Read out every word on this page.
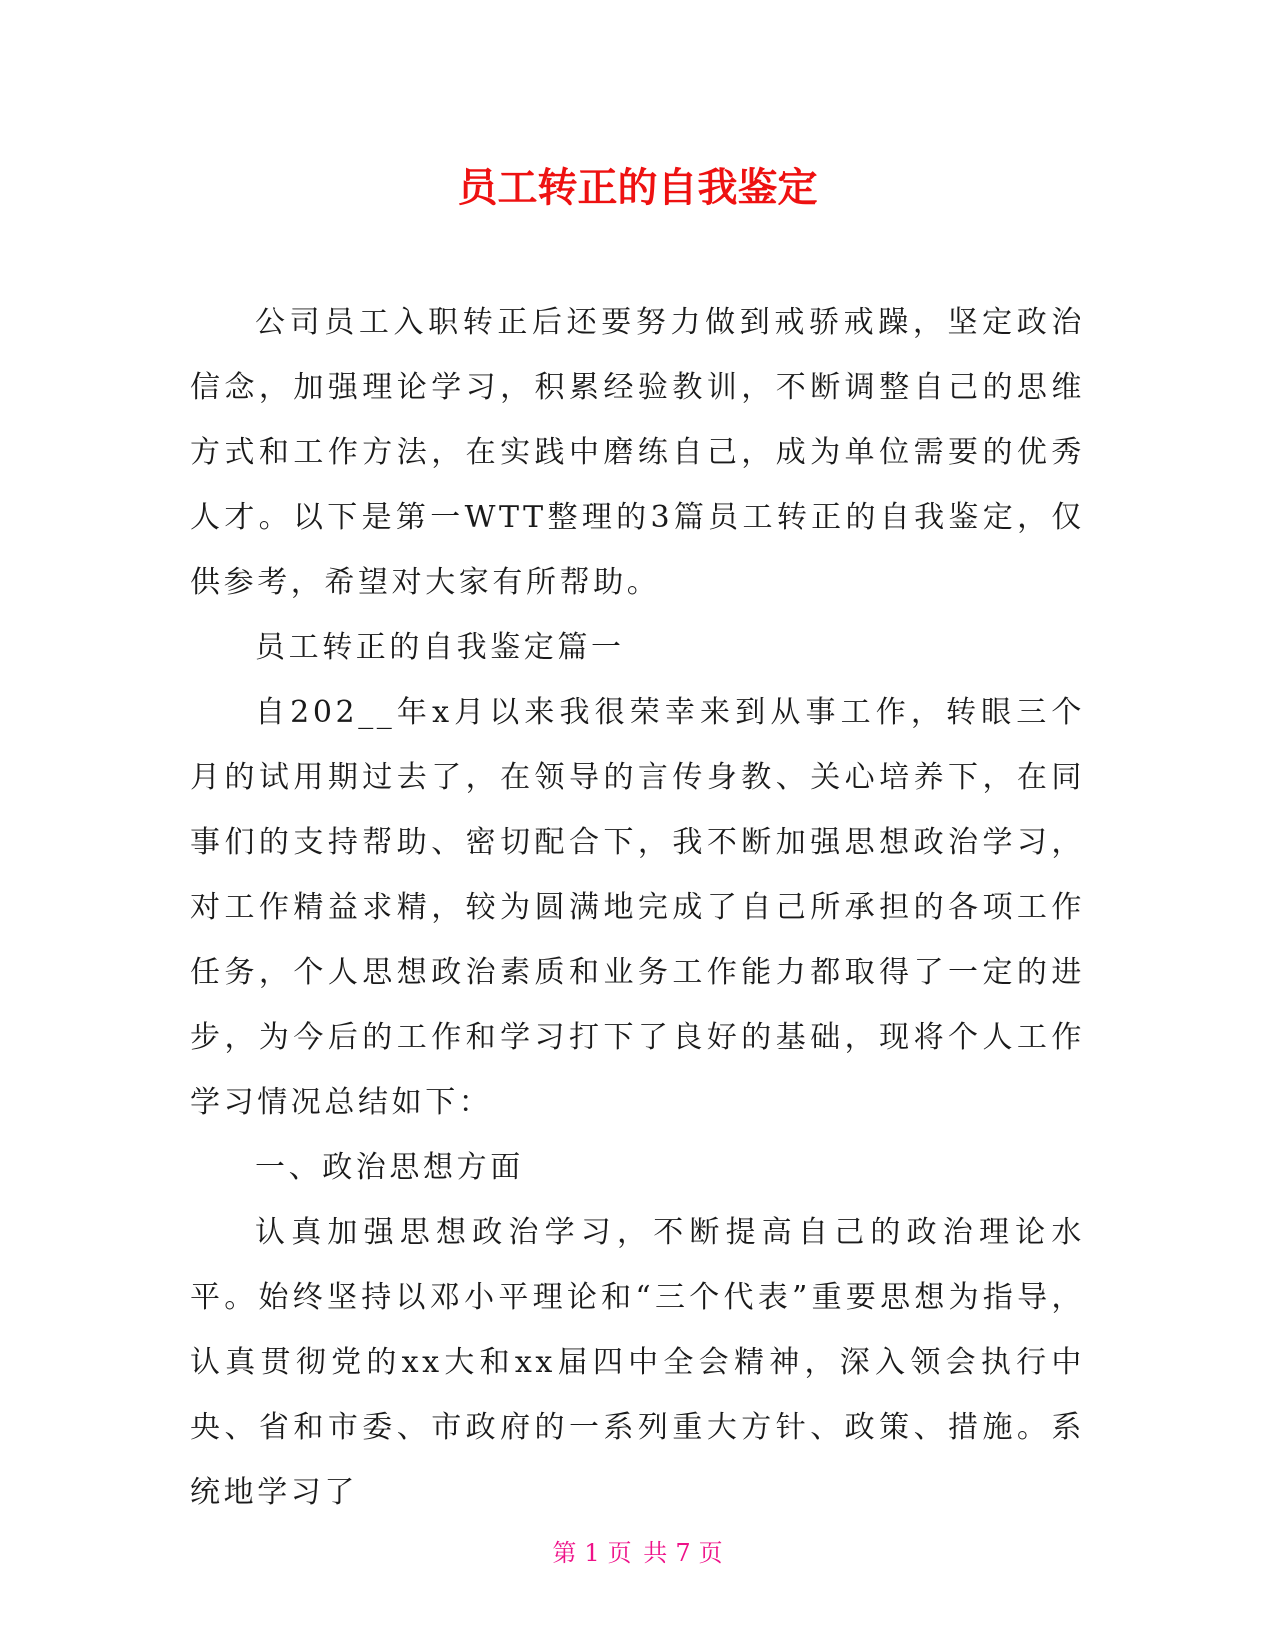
员工转正的自我鉴定

公司员工入职转正后还要努力做到戒骄戒躁，坚定政治信念，加强理论学习，积累经验教训，不断调整自己的思维方式和工作方法，在实践中磨练自己，成为单位需要的优秀人才。以下是第一WTT整理的3篇员工转正的自我鉴定，仅供参考，希望对大家有所帮助。

员工转正的自我鉴定篇一

自202__年x月以来我很荣幸来到从事工作，转眼三个月的试用期过去了，在领导的言传身教、关心培养下，在同事们的支持帮助、密切配合下，我不断加强思想政治学习，对工作精益求精，较为圆满地完成了自己所承担的各项工作任务，个人思想政治素质和业务工作能力都取得了一定的进步，为今后的工作和学习打下了良好的基础，现将个人工作学习情况总结如下：

一、政治思想方面

认真加强思想政治学习，不断提高自己的政治理论水平。始终坚持以邓小平理论和“三个代表”重要思想为指导，认真贯彻党的xx大和xx届四中全会精神，深入领会执行中央、省和市委、市政府的一系列重大方针、政策、措施。系统地学习了

第 1 页 共 7 页
